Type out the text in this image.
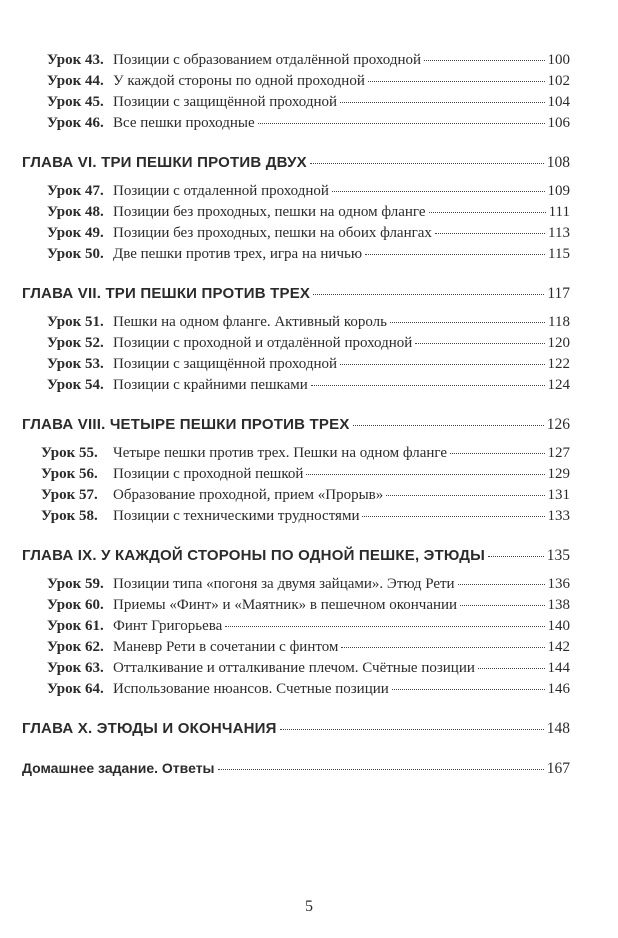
Урок 43. Позиции с образованием отдалённой проходной	100
Урок 44. У каждой стороны по одной проходной	102
Урок 45. Позиции с защищённой проходной	104
Урок 46. Все пешки проходные	106
ГЛАВА VI. ТРИ ПЕШКИ ПРОТИВ ДВУХ	108
Урок 47. Позиции с отдаленной проходной	109
Урок 48. Позиции без проходных, пешки на одном фланге	111
Урок 49. Позиции без проходных, пешки на обоих флангах	113
Урок 50. Две пешки против трех, игра на ничью	115
ГЛАВА VII. ТРИ ПЕШКИ ПРОТИВ ТРЕХ	117
Урок 51. Пешки на одном фланге. Активный король	118
Урок 52. Позиции с проходной и отдалённой проходной	120
Урок 53. Позиции с защищённой проходной	122
Урок 54. Позиции с крайними пешками	124
ГЛАВА VIII. ЧЕТЫРЕ ПЕШКИ ПРОТИВ ТРЕХ	126
Урок 55.	Четыре пешки против трех. Пешки на одном фланге	127
Урок 56.	Позиции с проходной пешкой	129
Урок 57.	Образование проходной, прием «Прорыв»	131
Урок 58.	Позиции с техническими трудностями	133
ГЛАВА IX. У КАЖДОЙ СТОРОНЫ ПО ОДНОЙ ПЕШКЕ, ЭТЮДЫ	135
Урок 59. Позиции типа «погоня за двумя зайцами». Этюд Рети	136
Урок 60. Приемы «Финт» и «Маятник» в пешечном окончании	138
Урок 61. Финт Григорьева	140
Урок 62. Маневр Рети в сочетании с финтом	142
Урок 63. Отталкивание и отталкивание плечом. Счётные позиции	144
Урок 64. Использование нюансов. Счетные позиции	146
ГЛАВА X. ЭТЮДЫ И ОКОНЧАНИЯ	148
Домашнее задание. Ответы	167
5
